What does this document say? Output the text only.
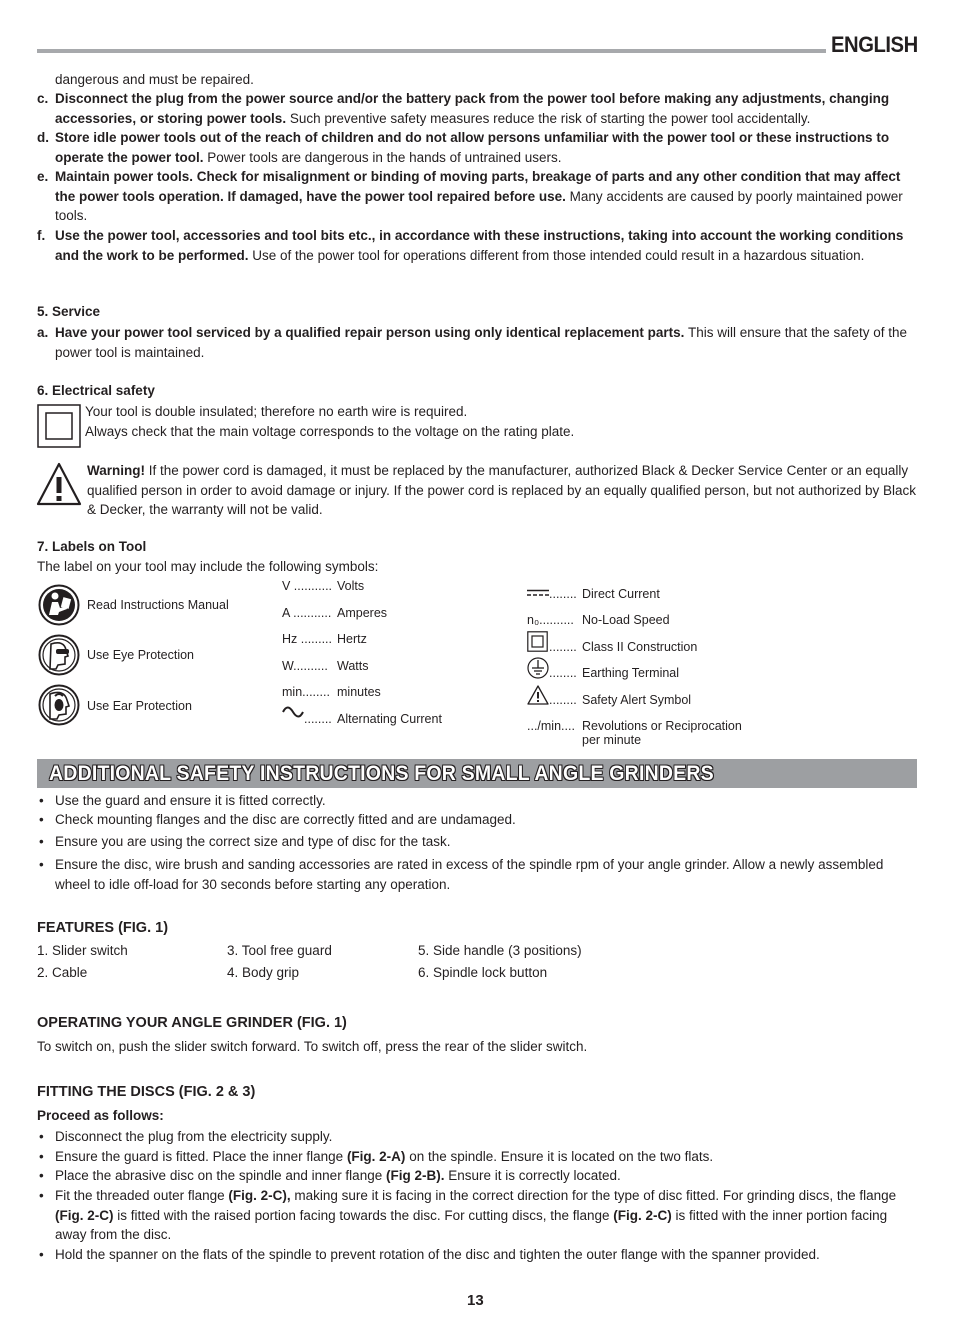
ENGLISH
dangerous and must be repaired.
c. Disconnect the plug from the power source and/or the battery pack from the power tool before making any adjustments, changing accessories, or storing power tools. Such preventive safety measures reduce the risk of starting the power tool accidentally.
d. Store idle power tools out of the reach of children and do not allow persons unfamiliar with the power tool or these instructions to operate the power tool. Power tools are dangerous in the hands of untrained users.
e. Maintain power tools. Check for misalignment or binding of moving parts, breakage of parts and any other condition that may affect the power tools operation. If damaged, have the power tool repaired before use. Many accidents are caused by poorly maintained power tools.
f. Use the power tool, accessories and tool bits etc., in accordance with these instructions, taking into account the working conditions and the work to be performed. Use of the power tool for operations different from those intended could result in a hazardous situation.
5. Service
a. Have your power tool serviced by a qualified repair person using only identical replacement parts. This will ensure that the safety of the power tool is maintained.
6. Electrical safety
Your tool is double insulated; therefore no earth wire is required.
Always check that the main voltage corresponds to the voltage on the rating plate.
Warning! If the power cord is damaged, it must be replaced by the manufacturer, authorized Black & Decker Service Center or an equally qualified person in order to avoid damage or injury. If the power cord is replaced by an equally qualified person, but not authorized by Black & Decker, the warranty will not be valid.
7. Labels on Tool
The label on your tool may include the following symbols:
Read Instructions Manual
Use Eye Protection
Use Ear Protection
V ........... Volts
A ........... Amperes
Hz ......... Hertz
W.......... Watts
min........ minutes
........ Alternating Current
........ Direct Current
n₀.......... No-Load Speed
........ Class II Construction
........ Earthing Terminal
........ Safety Alert Symbol
.../min.... Revolutions or Reciprocation
per minute
ADDITIONAL SAFETY INSTRUCTIONS FOR SMALL ANGLE GRINDERS
• Use the guard and ensure it is fitted correctly.
• Check mounting flanges and the disc are correctly fitted and are undamaged.
• Ensure you are using the correct size and type of disc for the task.
• Ensure the disc, wire brush and sanding accessories are rated in excess of the spindle rpm of your angle grinder. Allow a newly assembled wheel to idle off-load for 30 seconds before starting any operation.
FEATURES (FIG. 1)
1. Slider switch
2. Cable
3. Tool free guard
4. Body grip
5. Side handle (3 positions)
6. Spindle lock button
OPERATING YOUR ANGLE GRINDER (FIG. 1)
To switch on, push the slider switch forward. To switch off, press the rear of the slider switch.
FITTING THE DISCS (FIG. 2 & 3)
Proceed as follows:
• Disconnect the plug from the electricity supply.
• Ensure the guard is fitted. Place the inner flange (Fig. 2-A) on the spindle. Ensure it is located on the two flats.
• Place the abrasive disc on the spindle and inner flange (Fig 2-B). Ensure it is correctly located.
• Fit the threaded outer flange (Fig. 2-C), making sure it is facing in the correct direction for the type of disc fitted. For grinding discs, the flange (Fig. 2-C) is fitted with the raised portion facing towards the disc. For cutting discs, the flange (Fig. 2-C) is fitted with the inner portion facing away from the disc.
• Hold the spanner on the flats of the spindle to prevent rotation of the disc and tighten the outer flange with the spanner provided.
13
